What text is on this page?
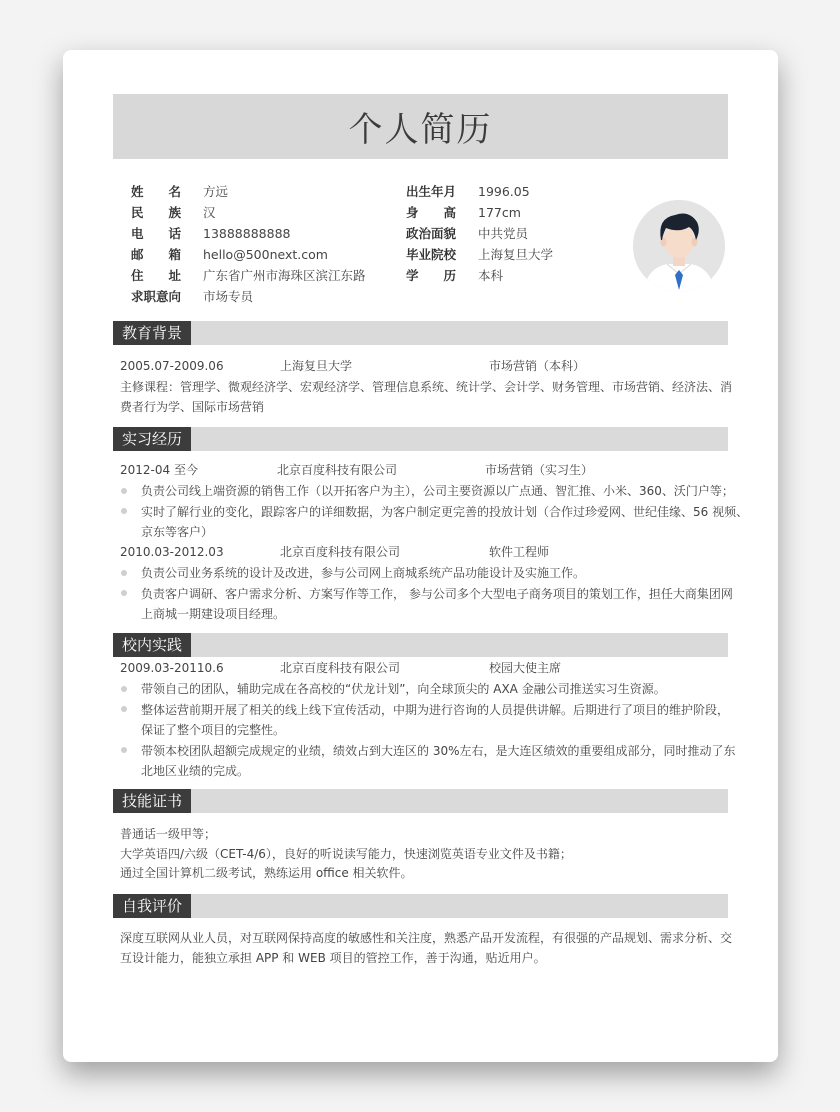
个人简历
姓名 方远
民族 汉
电话 13888888888
邮箱 hello@500next.com
住址 广东省广州市海珠区滨江东路
求职意向 市场专员
出生年月 1996.05
身高 177cm
政治面貌 中共党员
毕业院校 上海复旦大学
学历 本科
教育背景
2005.07-2009.06	上海复旦大学	市场营销（本科）
主修课程：管理学、微观经济学、宏观经济学、管理信息系统、统计学、会计学、财务管理、市场营销、经济法、消
费者行为学、国际市场营销
实习经历
2012-04 至今	北京百度科技有限公司	市场营销（实习生）
负责公司线上端资源的销售工作（以开拓客户为主），公司主要资源以广点通、智汇推、小米、360、沃门户等；
实时了解行业的变化，跟踪客户的详细数据，为客户制定更完善的投放计划（合作过珍爱网、世纪佳缘、56 视频、
京东等客户）
2010.03-2012.03	北京百度科技有限公司	软件工程师
负责公司业务系统的设计及改进，参与公司网上商城系统产品功能设计及实施工作。
负责客户调研、客户需求分析、方案写作等工作， 参与公司多个大型电子商务项目的策划工作，担任大商集团网
上商城一期建设项目经理。
校内实践
2009.03-20110.6	北京百度科技有限公司	校园大使主席
带领自己的团队，辅助完成在各高校的“伏龙计划”，向全球顶尖的 AXA 金融公司推送实习生资源。
整体运营前期开展了相关的线上线下宣传活动，中期为进行咨询的人员提供讲解。后期进行了项目的维护阶段，
保证了整个项目的完整性。
带领本校团队超额完成规定的业绩，绩效占到大连区的 30%左右，是大连区绩效的重要组成部分，同时推动了东
北地区业绩的完成。
技能证书
普通话一级甲等；
大学英语四/六级（CET-4/6），良好的听说读写能力，快速浏览英语专业文件及书籍；
通过全国计算机二级考试，熟练运用 office 相关软件。
自我评价
深度互联网从业人员，对互联网保持高度的敏感性和关注度，熟悉产品开发流程，有很强的产品规划、需求分析、交
互设计能力，能独立承担 APP 和 WEB 项目的管控工作，善于沟通，贴近用户。
